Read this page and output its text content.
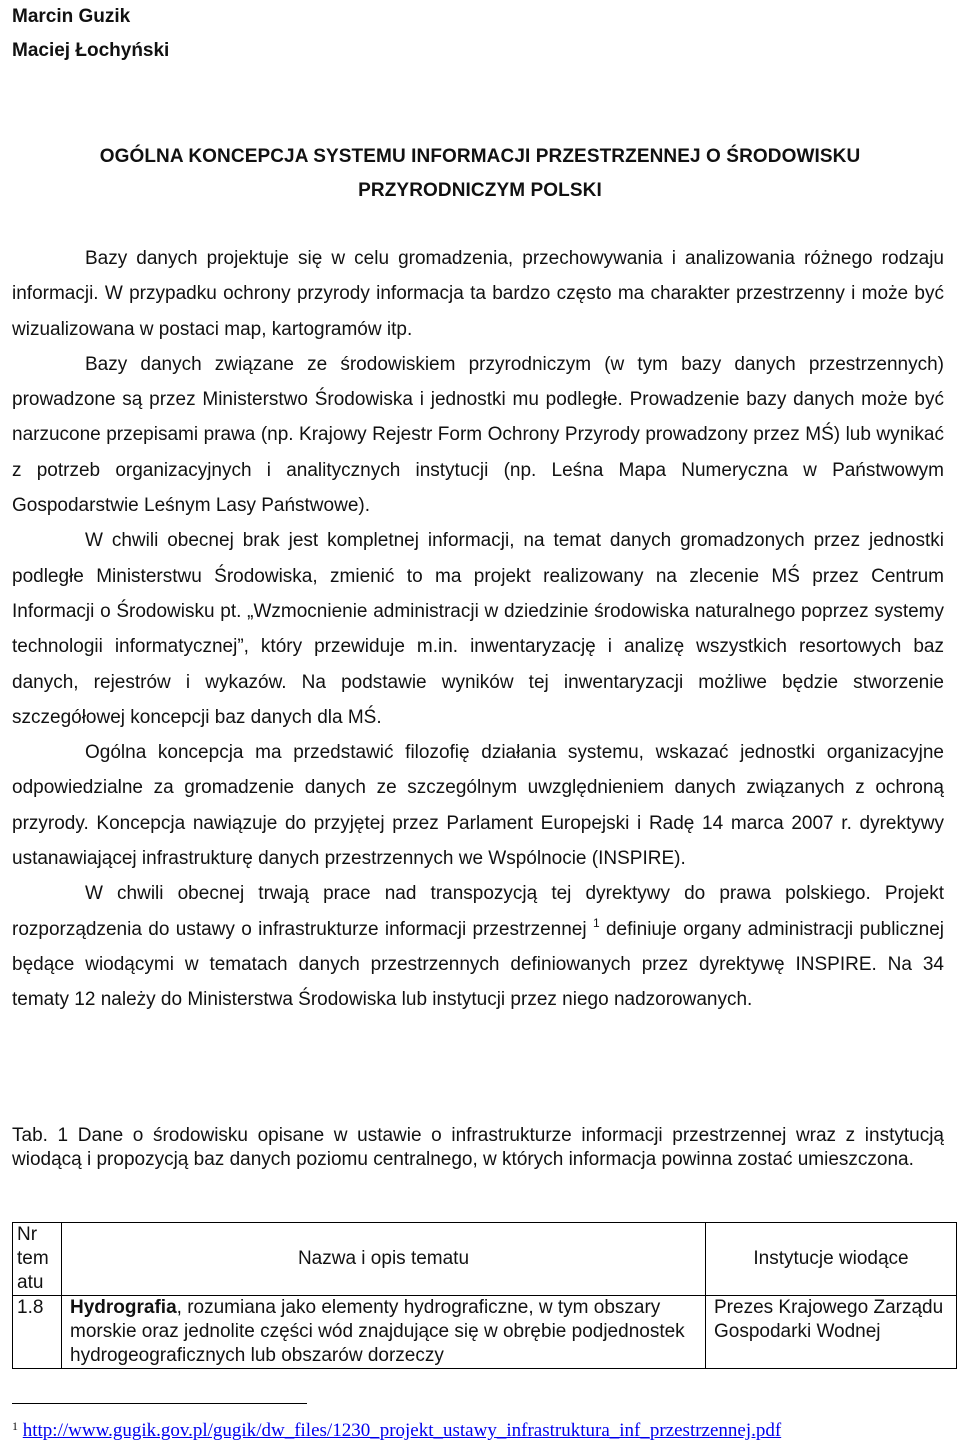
Marcin Guzik
Maciej Łochyński
OGÓLNA KONCEPCJA SYSTEMU INFORMACJI PRZESTRZENNEJ O ŚRODOWISKU
PRZYRODNICZYM POLSKI

Bazy danych projektuje się w celu gromadzenia, przechowywania i analizowania różnego rodzaju informacji. W przypadku ochrony przyrody informacja ta bardzo często ma charakter przestrzenny i może być wizualizowana w postaci map, kartogramów itp.

Bazy danych związane ze środowiskiem przyrodniczym (w tym bazy danych przestrzennych) prowadzone są przez Ministerstwo Środowiska i jednostki mu podległe. Prowadzenie bazy danych może być narzucone przepisami prawa (np. Krajowy Rejestr Form Ochrony Przyrody prowadzony przez MŚ) lub wynikać z potrzeb organizacyjnych i analitycznych instytucji (np. Leśna Mapa Numeryczna w Państwowym Gospodarstwie Leśnym Lasy Państwowe).

W chwili obecnej brak jest kompletnej informacji, na temat danych gromadzonych przez jednostki podległe Ministerstwu Środowiska, zmienić to ma projekt realizowany na zlecenie MŚ przez Centrum Informacji o Środowisku pt. „Wzmocnienie administracji w dziedzinie środowiska naturalnego poprzez systemy technologii informatycznej”, który przewiduje m.in. inwentaryzację i analizę wszystkich resortowych baz danych, rejestrów i wykazów. Na podstawie wyników tej inwentaryzacji możliwe będzie stworzenie szczegółowej koncepcji baz danych dla MŚ.

Ogólna koncepcja ma przedstawić filozofię działania systemu, wskazać jednostki organizacyjne odpowiedzialne za gromadzenie danych ze szczególnym uwzględnieniem danych związanych z ochroną przyrody. Koncepcja nawiązuje do przyjętej przez Parlament Europejski i Radę 14 marca 2007 r. dyrektywy ustanawiającej infrastrukturę danych przestrzennych we Wspólnocie (INSPIRE).

W chwili obecnej trwają prace nad transpozycją tej dyrektywy do prawa polskiego. Projekt rozporządzenia do ustawy o infrastrukturze informacji przestrzennej $^1$ definiuje organy administracji publicznej będące wiodącymi w tematach danych przestrzennych definiowanych przez dyrektywę INSPIRE. Na 34 tematy 12 należy do Ministerstwa Środowiska lub instytucji przez niego nadzorowanych.

Tab. 1 Dane o środowisku opisane w ustawie o infrastrukturze informacji przestrzennej wraz z instytucją wiodącą i propozycją baz danych poziomu centralnego, w których informacja powinna zostać umieszczona.
Nr tem atu	Nazwa i opis tematu	Instytucje wiodące
1.8	Hydrografia, rozumiana jako elementy hydrograficzne, w tym obszary morskie oraz jednolite części wód znajdujące się w obrębie podjednostek hydrogeograficznych lub obszarów dorzeczy	Prezes Krajowego Zarządu Gospodarki Wodnej
$^1$ http://www.gugik.gov.pl/gugik/dw_files/1230_projekt_ustawy_infrastruktura_inf_przestrzennej.pdf
